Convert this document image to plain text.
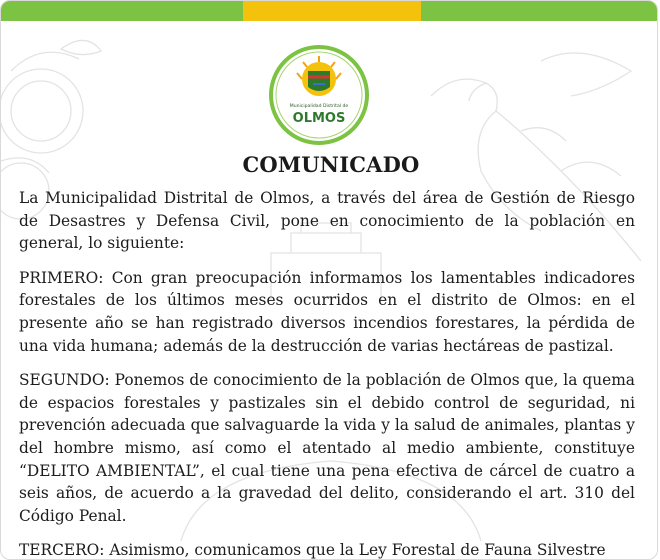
Municipalidad Distrital de
OLMOS
COMUNICADO

La Municipalidad Distrital de Olmos, a través del área de Gestión de Riesgo de Desastres y Defensa Civil, pone en conocimiento de la población en general, lo siguiente:

PRIMERO: Con gran preocupación informamos los lamentables indicadores forestales de los últimos meses ocurridos en el distrito de Olmos: en el presente año se han registrado diversos incendios forestares, la pérdida de una vida humana; además de la destrucción de varias hectáreas de pastizal.

SEGUNDO: Ponemos de conocimiento de la población de Olmos que, la quema de espacios forestales y pastizales sin el debido control de seguridad, ni prevención adecuada que salvaguarde la vida y la salud de animales, plantas y del hombre mismo, así como el atentado al medio ambiente, constituye “DELITO AMBIENTAL”, el cual tiene una pena efectiva de cárcel de cuatro a seis años, de acuerdo a la gravedad del delito, considerando el art. 310 del Código Penal.

TERCERO: Asimismo, comunicamos que la Ley Forestal de Fauna Silvestre
